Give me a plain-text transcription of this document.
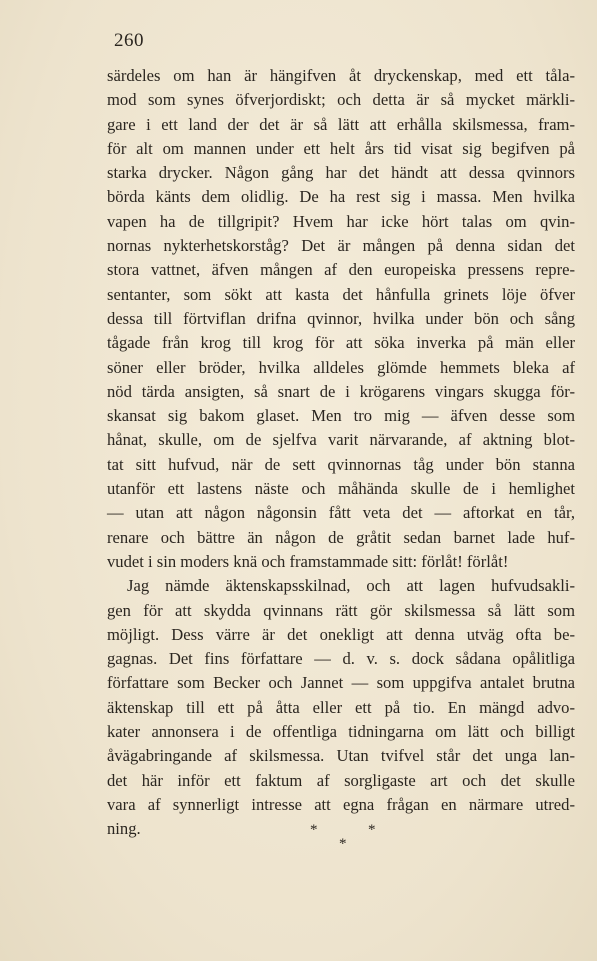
260
särdeles om han är hängifven åt dryckenskap, med ett tåla-
mod som synes öfverjordiskt; och detta är så mycket märkli-
gare i ett land der det är så lätt att erhålla skilsmessa, fram-
för alt om mannen under ett helt års tid visat sig begifven på
starka drycker. Någon gång har det händt att dessa qvinnors
börda känts dem olidlig. De ha rest sig i massa. Men hvilka
vapen ha de tillgripit? Hvem har icke hört talas om qvin-
nornas nykterhetskorståg? Det är mången på denna sidan det
stora vattnet, äfven mången af den europeiska pressens repre-
sentanter, som sökt att kasta det hånfulla grinets löje öfver
dessa till förtviflan drifna qvinnor, hvilka under bön och sång
tågade från krog till krog för att söka inverka på män eller
söner eller bröder, hvilka alldeles glömde hemmets bleka af
nöd tärda ansigten, så snart de i krögarens vingars skugga för-
skansat sig bakom glaset. Men tro mig — äfven desse som
hånat, skulle, om de sjelfva varit närvarande, af aktning blot-
tat sitt hufvud, när de sett qvinnornas tåg under bön stanna
utanför ett lastens näste och måhända skulle de i hemlighet
— utan att någon någonsin fått veta det — aftorkat en tår,
renare och bättre än någon de gråtit sedan barnet lade huf-
vudet i sin moders knä och framstammade sitt: förlåt! förlåt!
Jag nämde äktenskapsskilnad, och att lagen hufvudsakli-
gen för att skydda qvinnans rätt gör skilsmessa så lätt som
möjligt. Dess värre är det onekligt att denna utväg ofta be-
gagnas. Det fins författare — d. v. s. dock sådana opålitliga
författare som Becker och Jannet — som uppgifva antalet brutna
äktenskap till ett på åtta eller ett på tio. En mängd advo-
kater annonsera i de offentliga tidningarna om lätt och billigt
åvägabringande af skilsmessa. Utan tvifvel står det unga lan-
det här inför ett faktum af sorgligaste art och det skulle
vara af synnerligt intresse att egna frågan en närmare utred-
ning.	*	*
*
